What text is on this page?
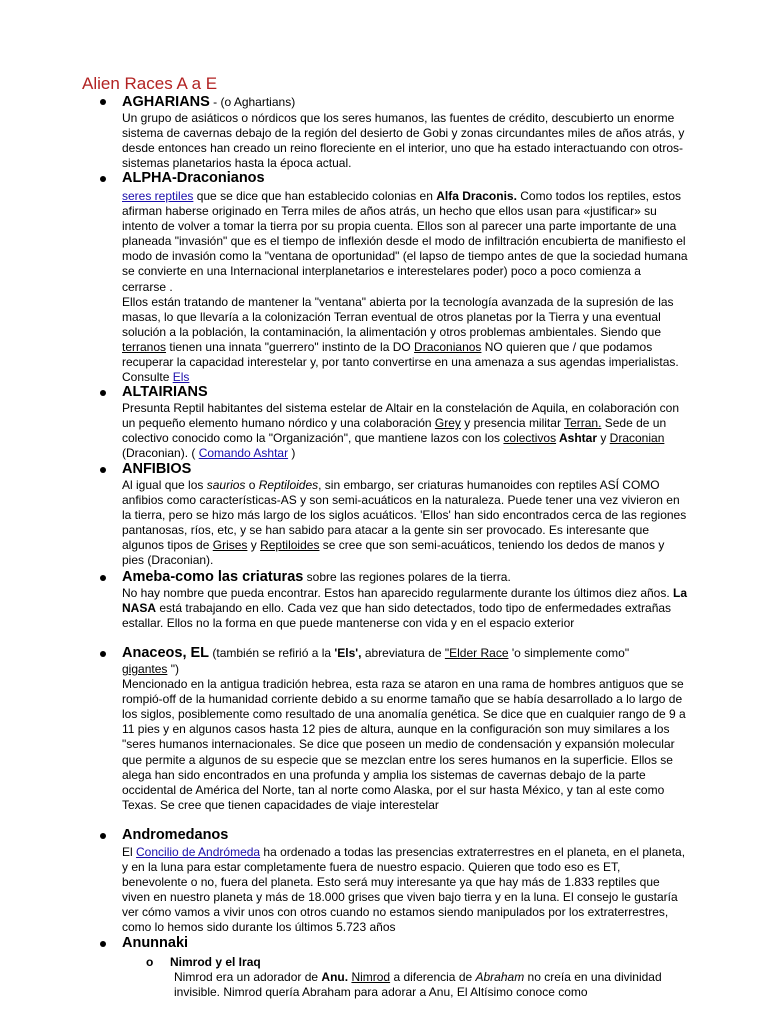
Alien Races A a E
AGHARIANS - (o Aghartians)
Un grupo de asiáticos o nórdicos que los seres humanos, las fuentes de crédito, descubierto un enorme sistema de cavernas debajo de la región del desierto de Gobi y zonas circundantes miles de años atrás, y desde entonces han creado un reino floreciente en el interior, uno que ha estado interactuando con otros- sistemas planetarios hasta la época actual.
ALPHA-Draconianos
seres reptiles que se dice que han establecido colonias en Alfa Draconis. Como todos los reptiles, estos afirman haberse originado en Terra miles de años atrás, un hecho que ellos usan para «justificar» su intento de volver a tomar la tierra por su propia cuenta. Ellos son al parecer una parte importante de una planeada "invasión" que es el tiempo de inflexión desde el modo de infiltración encubierta de manifiesto el modo de invasión como la "ventana de oportunidad" (el lapso de tiempo antes de que la sociedad humana se convierte en una Internacional interplanetarios e interestelares poder) poco a poco comienza a cerrarse .
Ellos están tratando de mantener la "ventana" abierta por la tecnología avanzada de la supresión de las masas, lo que llevaría a la colonización Terran eventual de otros planetas por la Tierra y una eventual solución a la población, la contaminación, la alimentación y otros problemas ambientales. Siendo que terranos tienen una innata "guerrero" instinto de la DO Draconianos NO quieren que / que podamos recuperar la capacidad interestelar y, por tanto convertirse en una amenaza a sus agendas imperialistas. Consulte Els
ALTAIRIANS
Presunta Reptil habitantes del sistema estelar de Altair en la constelación de Aquila, en colaboración con un pequeño elemento humano nórdico y una colaboración Grey y presencia militar Terran. Sede de un colectivo conocido como la "Organización", que mantiene lazos con los colectivos Ashtar y Draconian (Draconian). ( Comando Ashtar )
ANFIBIOS
Al igual que los saurios o Reptiloides, sin embargo, ser criaturas humanoides con reptiles ASÍ COMO anfibios como características-AS y son semi-acuáticos en la naturaleza. Puede tener una vez vivieron en la tierra, pero se hizo más largo de los siglos acuáticos. 'Ellos' han sido encontrados cerca de las regiones pantanosas, ríos, etc, y se han sabido para atacar a la gente sin ser provocado. Es interesante que algunos tipos de Grises y Reptiloides se cree que son semi-acuáticos, teniendo los dedos de manos y pies (Draconian).
Ameba-como las criaturas sobre las regiones polares de la tierra.
No hay nombre que pueda encontrar. Estos han aparecido regularmente durante los últimos diez años. La NASA está trabajando en ello. Cada vez que han sido detectados, todo tipo de enfermedades extrañas estallar. Ellos no la forma en que puede mantenerse con vida y en el espacio exterior
Anaceos, EL (también se refirió a la 'Els', abreviatura de "Elder Race 'o simplemente como"
gigantes ")
Mencionado en la antigua tradición hebrea, esta raza se ataron en una rama de hombres antiguos que se rompió-off de la humanidad corriente debido a su enorme tamaño que se había desarrollado a lo largo de los siglos, posiblemente como resultado de una anomalía genética. Se dice que en cualquier rango de 9 a 11 pies y en algunos casos hasta 12 pies de altura, aunque en la configuración son muy similares a los "seres humanos internacionales. Se dice que poseen un medio de condensación y expansión molecular que permite a algunos de su especie que se mezclan entre los seres humanos en la superficie. Ellos se alega han sido encontrados en una profunda y amplia los sistemas de cavernas debajo de la parte occidental de América del Norte, tan al norte como Alaska, por el sur hasta México, y tan al este como Texas. Se cree que tienen capacidades de viaje interestelar
Andromedanos
El Concilio de Andrómeda ha ordenado a todas las presencias extraterrestres en el planeta, en el planeta, y en la luna para estar completamente fuera de nuestro espacio. Quieren que todo eso es ET, benevolente o no, fuera del planeta. Esto será muy interesante ya que hay más de 1.833 reptiles que viven en nuestro planeta y más de 18.000 grises que viven bajo tierra y en la luna. El consejo le gustaría ver cómo vamos a vivir unos con otros cuando no estamos siendo manipulados por los extraterrestres, como lo hemos sido durante los últimos 5.723 años
Anunnaki
o Nimrod y el Iraq
Nimrod era un adorador de Anu. Nimrod a diferencia de Abraham no creía en una divinidad invisible. Nimrod quería Abraham para adorar a Anu, El Altísimo conoce como
